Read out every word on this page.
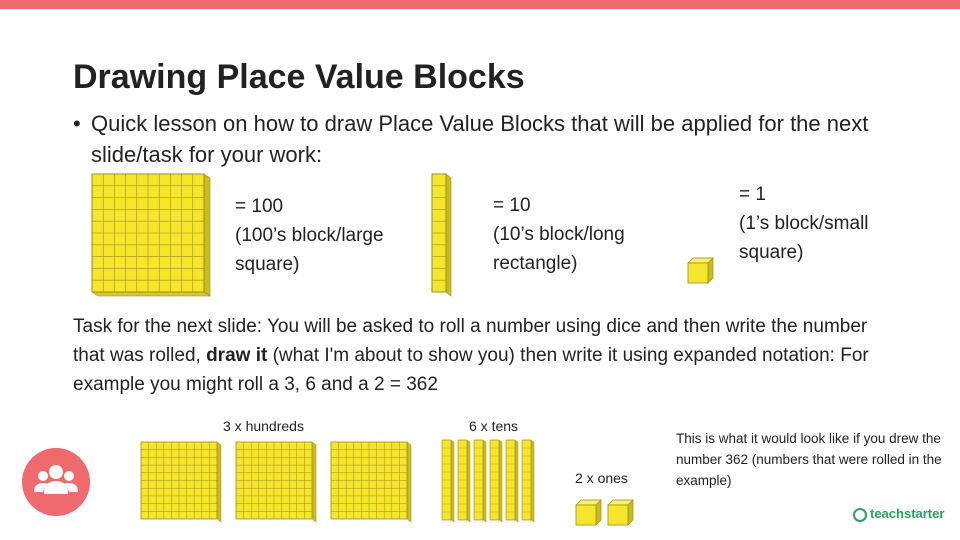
Drawing Place Value Blocks
• Quick lesson on how to draw Place Value Blocks that will be applied for the next slide/task for your work:
= 100
(100’s block/large
square)
= 10
(10’s block/long
rectangle)
= 1
(1’s block/small
square)
Task for the next slide: You will be asked to roll a number using dice and then write the number that was rolled, draw it (what I'm about to show you) then write it using expanded notation: For example you might roll a 3, 6 and a 2 = 362
3 x hundreds	6 x tens
2 x ones
This is what it would look like if you drew the number 362 (numbers that were rolled in the example)
teachstarter
